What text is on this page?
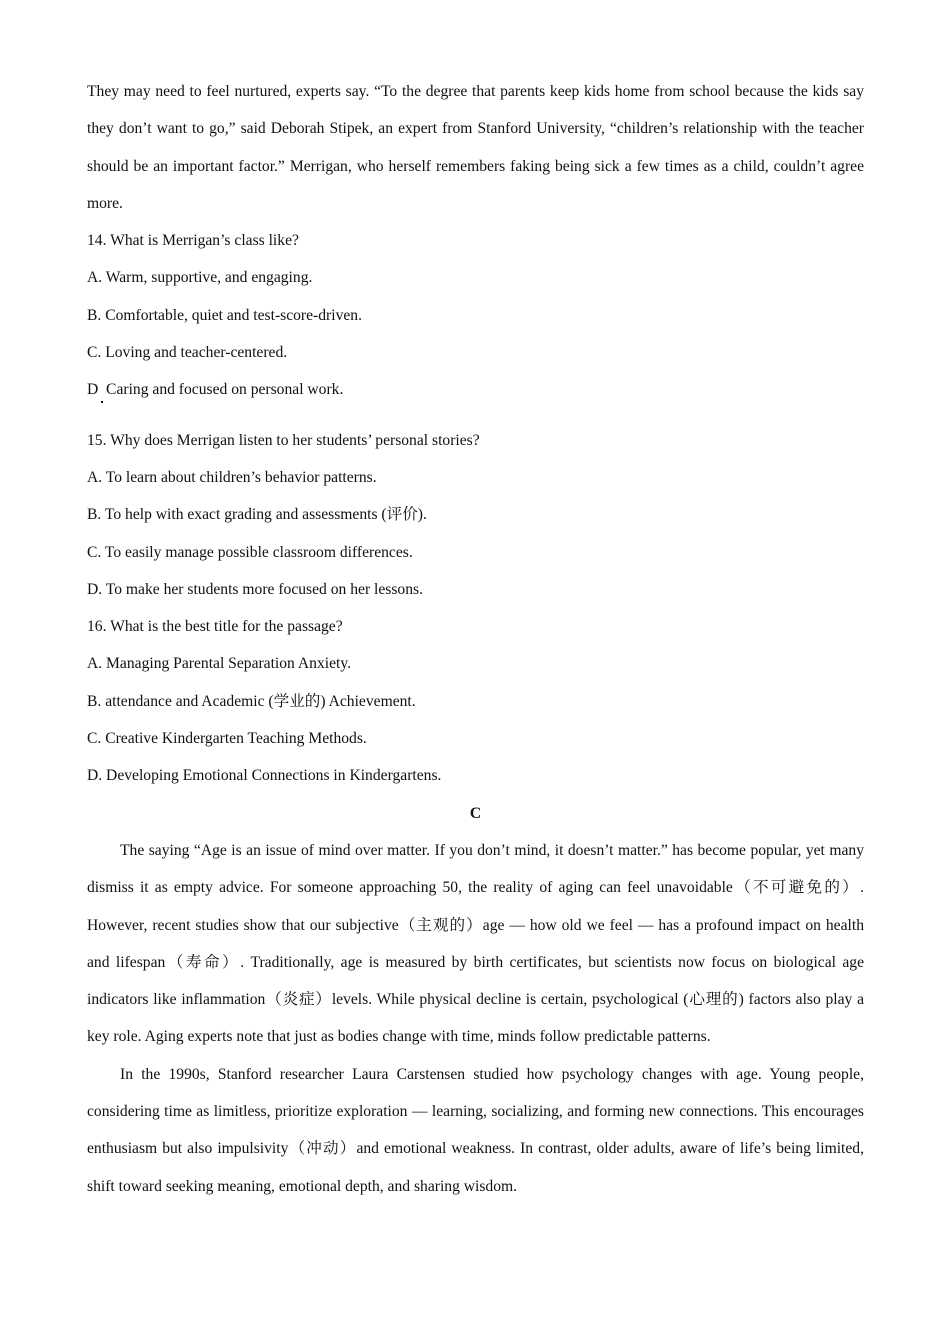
They may need to feel nurtured, experts say. “To the degree that parents keep kids home from school because the kids say they don’t want to go,” said Deborah Stipek, an expert from Stanford University, “children’s relationship with the teacher should be an important factor.” Merrigan, who herself remembers faking being sick a few times as a child, couldn’t agree more.

14. What is Merrigan’s class like?

A. Warm, supportive, and engaging.

B. Comfortable, quiet and test-score-driven.

C. Loving and teacher-centered.

D  Caring and focused on personal work.

15. Why does Merrigan listen to her students’ personal stories?

A. To learn about children’s behavior patterns.

B. To help with exact grading and assessments (评价).

C. To easily manage possible classroom differences.

D. To make her students more focused on her lessons.

16. What is the best title for the passage?

A. Managing Parental Separation Anxiety.

B. attendance and Academic (学业的) Achievement.

C. Creative Kindergarten Teaching Methods.

D. Developing Emotional Connections in Kindergartens.

C

The saying “Age is an issue of mind over matter. If you don’t mind, it doesn’t matter.” has become popular, yet many dismiss it as empty advice. For someone approaching 50, the reality of aging can feel unavoidable（不可避免的）. However, recent studies show that our subjective（主观的）age — how old we feel — has a profound impact on health and lifespan（寿命）. Traditionally, age is measured by birth certificates, but scientists now focus on biological age indicators like inflammation（炎症）levels. While physical decline is certain, psychological (心理的) factors also play a key role. Aging experts note that just as bodies change with time, minds follow predictable patterns.

In the 1990s, Stanford researcher Laura Carstensen studied how psychology changes with age. Young people, considering time as limitless, prioritize exploration — learning, socializing, and forming new connections. This encourages enthusiasm but also impulsivity（冲动）and emotional weakness. In contrast, older adults, aware of life’s being limited, shift toward seeking meaning, emotional depth, and sharing wisdom.
